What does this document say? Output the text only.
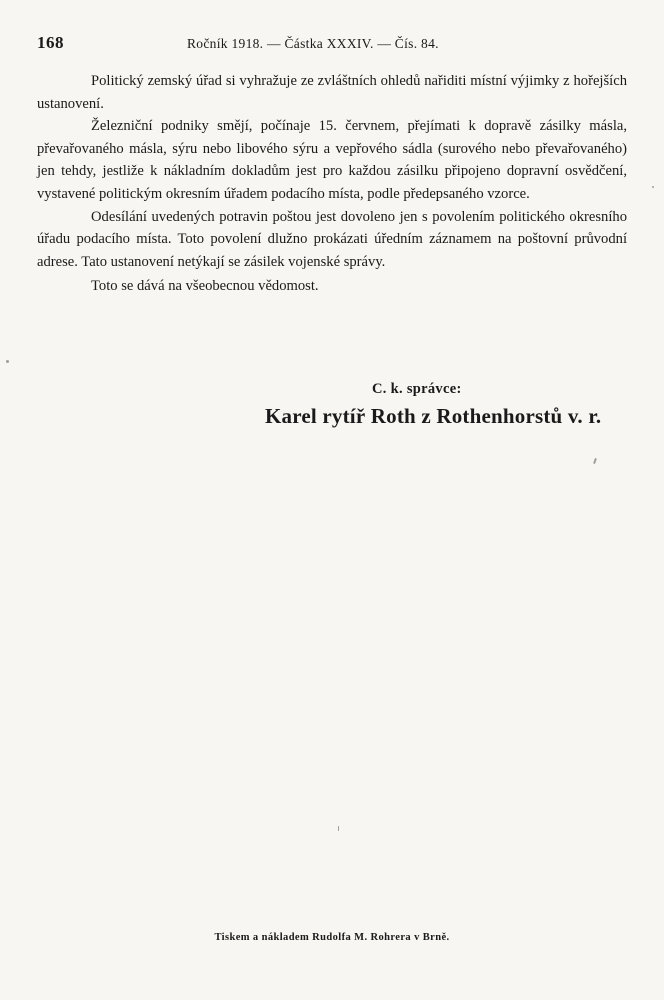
168	Ročník 1918. — Částka XXXIV. — Čís. 84.

Politický zemský úřad si vyhražuje ze zvláštních ohledů nařiditi místní výjimky z hořejších ustanovení.

Železniční podniky smějí, počínaje 15. červnem, přejímati k dopravě zásilky másla, převařovaného másla, sýru nebo libového sýru a vepřového sádla (surového nebo převařovaného) jen tehdy, jestliže k nákladním dokladům jest pro každou zásilku připojeno dopravní osvědčení, vystavené politickým okresním úřadem podacího místa, podle předepsaného vzorce.

Odesílání uvedených potravin poštou jest dovoleno jen s povolením politického okresního úřadu podacího místa. Toto povolení dlužno prokázati úředním záznamem na poštovní průvodní adrese. Tato ustanovení netýkají se zásilek vojenské správy.

Toto se dává na všeobecnou vědomost.

C. k. správce:
Karel rytíř Roth z Rothenhorstů v. r.
Tiskem a nákladem Rudolfa M. Rohrera v Brně.
